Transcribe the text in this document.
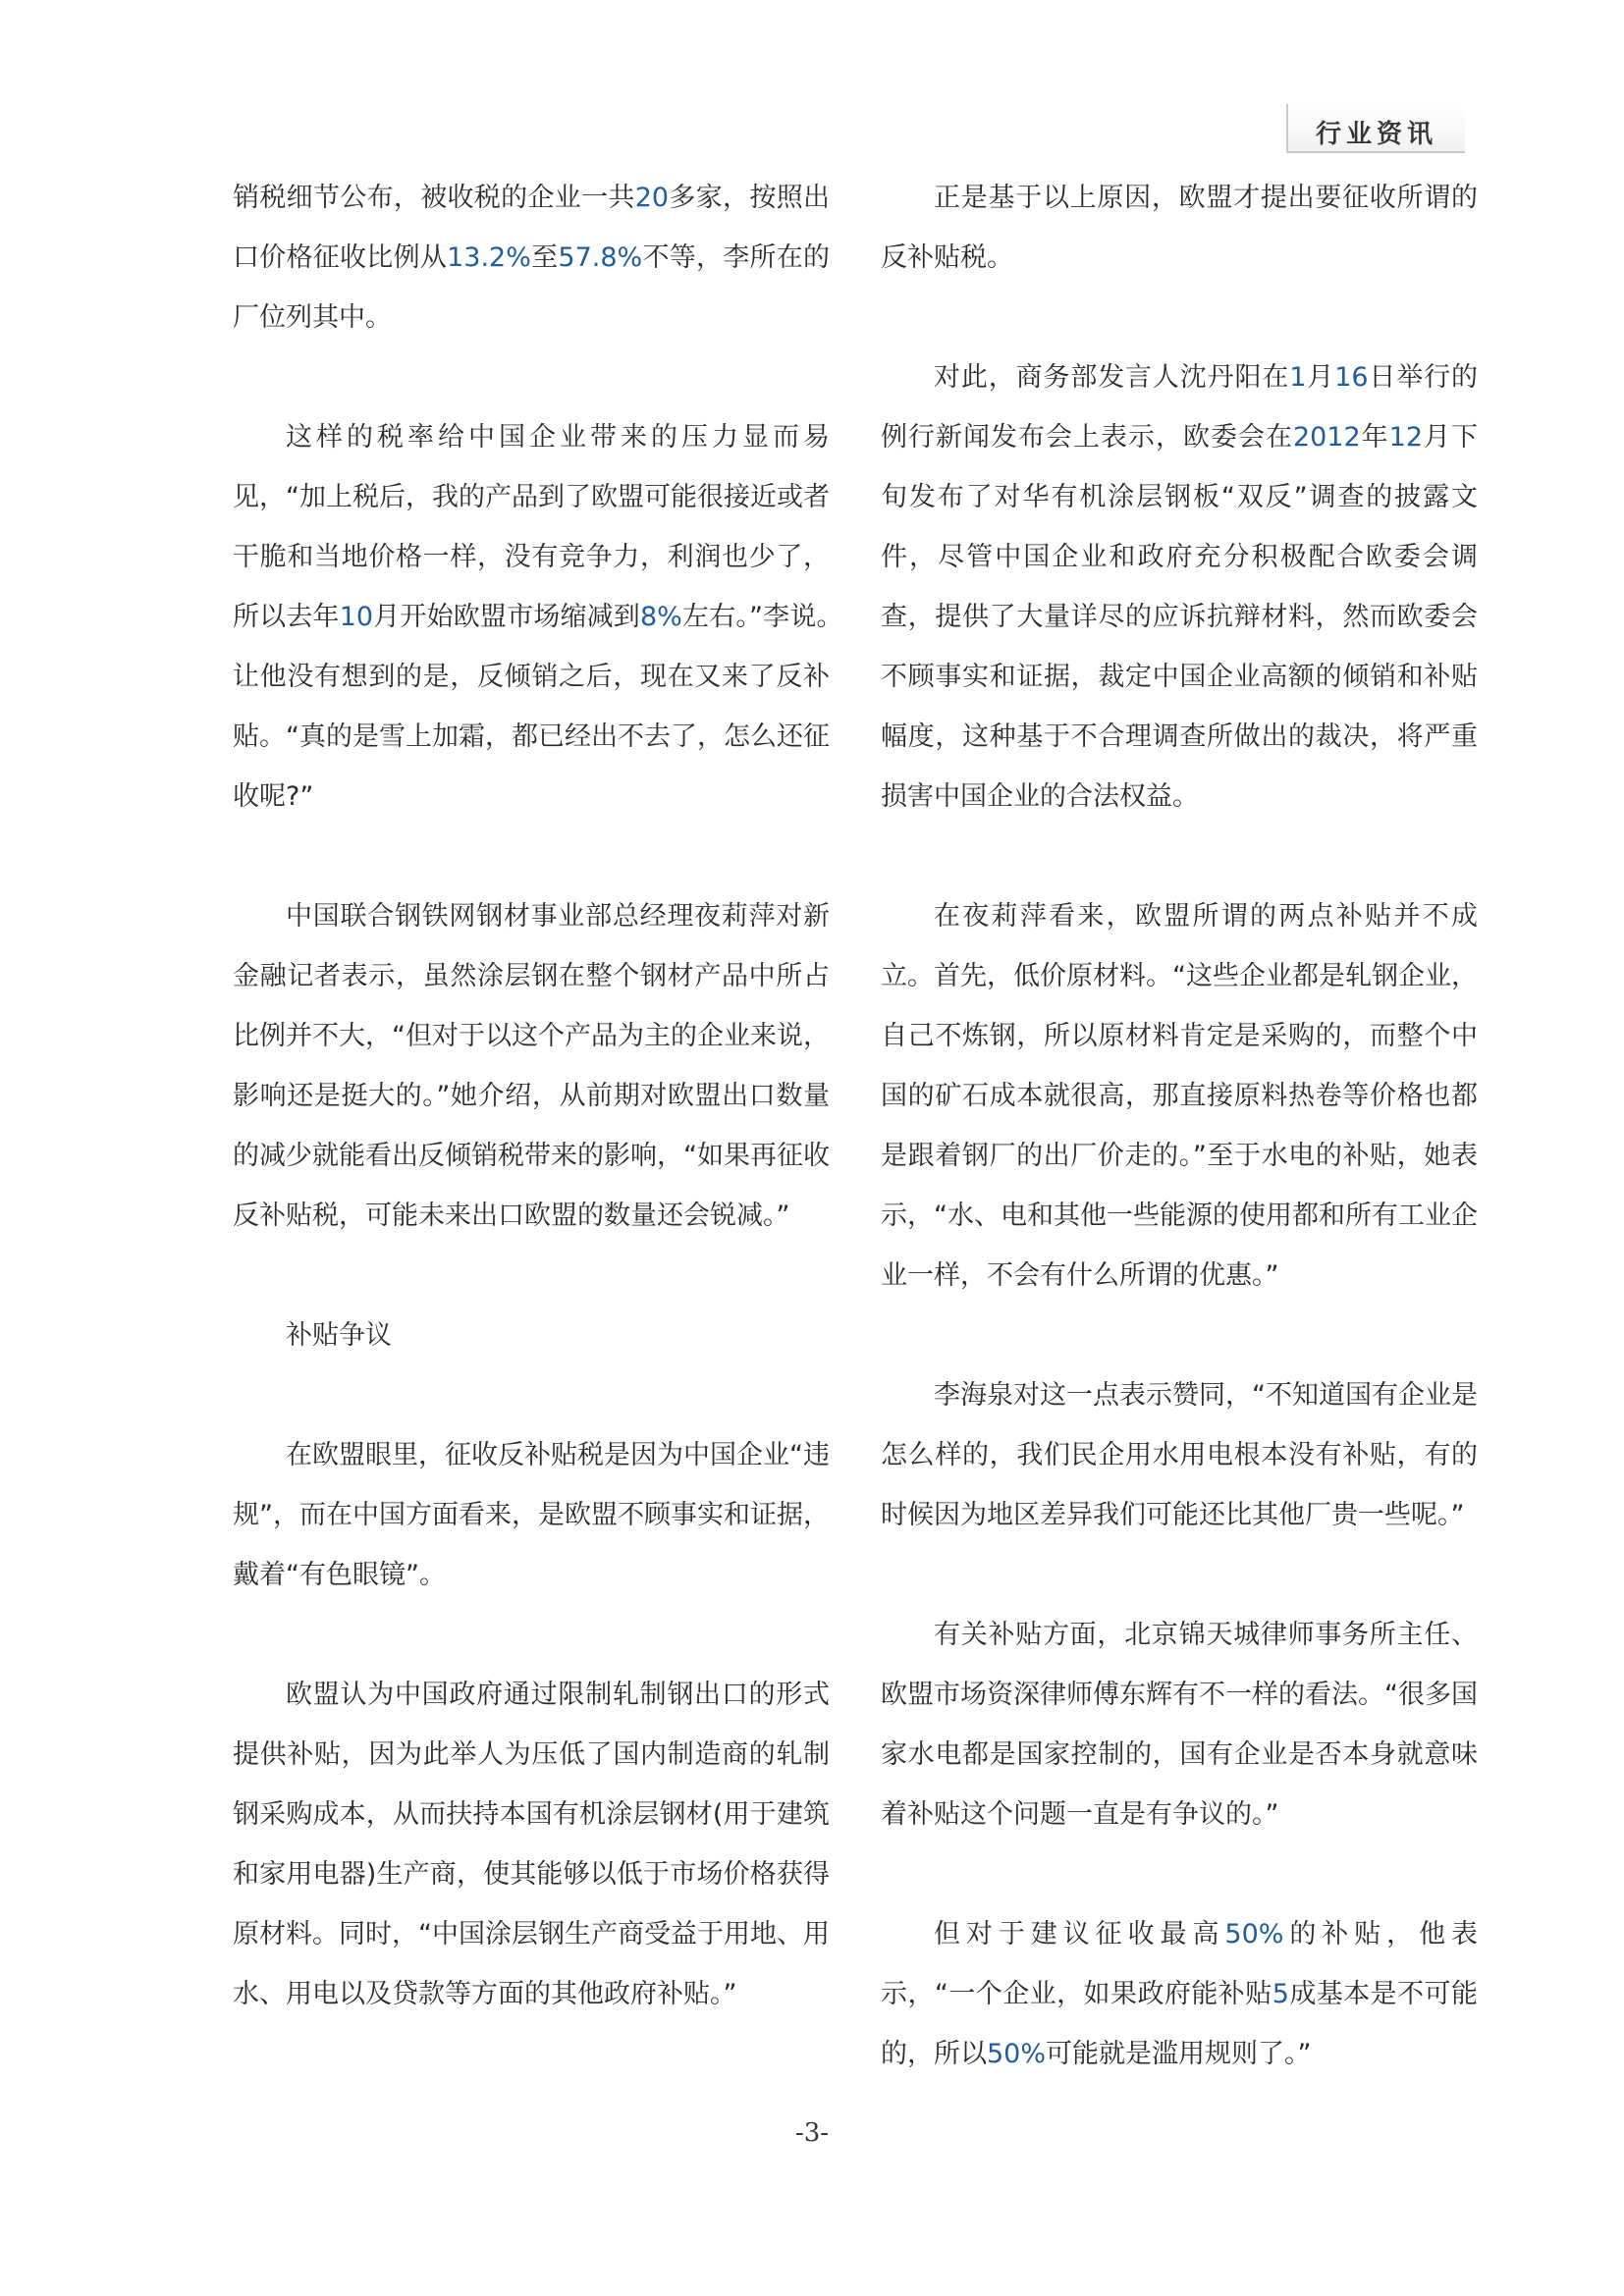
行业资讯

销税细节公布，被收税的企业一共20多家，按照出口价格征收比例从13.2%至57.8%不等，李所在的厂位列其中。

这样的税率给中国企业带来的压力显而易见，“加上税后，我的产品到了欧盟可能很接近或者干脆和当地价格一样，没有竞争力，利润也少了，所以去年10月开始欧盟市场缩减到8%左右。”李说。　　让他没有想到的是，反倾销之后，现在又来了反补贴。“真的是雪上加霜，都已经出不去了，怎么还征收呢?”

中国联合钢铁网钢材事业部总经理夜莉萍对新金融记者表示，虽然涂层钢在整个钢材产品中所占比例并不大，“但对于以这个产品为主的企业来说，影响还是挺大的。”她介绍，从前期对欧盟出口数量的减少就能看出反倾销税带来的影响，“如果再征收反补贴税，可能未来出口欧盟的数量还会锐减。”

补贴争议

在欧盟眼里，征收反补贴税是因为中国企业“违规”，而在中国方面看来，是欧盟不顾事实和证据，戴着“有色眼镜”。

欧盟认为中国政府通过限制轧制钢出口的形式提供补贴，因为此举人为压低了国内制造商的轧制钢采购成本，从而扶持本国有机涂层钢材(用于建筑和家用电器)生产商，使其能够以低于市场价格获得原材料。同时，“中国涂层钢生产商受益于用地、用水、用电以及贷款等方面的其他政府补贴。”

正是基于以上原因，欧盟才提出要征收所谓的反补贴税。

对此，商务部发言人沈丹阳在1月16日举行的例行新闻发布会上表示，欧委会在2012年12月下旬发布了对华有机涂层钢板“双反”调查的披露文件，尽管中国企业和政府充分积极配合欧委会调查，提供了大量详尽的应诉抗辩材料，然而欧委会不顾事实和证据，裁定中国企业高额的倾销和补贴幅度，这种基于不合理调查所做出的裁决，将严重损害中国企业的合法权益。

在夜莉萍看来，欧盟所谓的两点补贴并不成立。首先，低价原材料。“这些企业都是轧钢企业，自己不炼钢，所以原材料肯定是采购的，而整个中国的矿石成本就很高，那直接原料热卷等价格也都是跟着钢厂的出厂价走的。”至于水电的补贴，她表示，“水、电和其他一些能源的使用都和所有工业企业一样，不会有什么所谓的优惠。”

李海泉对这一点表示赞同，“不知道国有企业是怎么样的，我们民企用水用电根本没有补贴，有的时候因为地区差异我们可能还比其他厂贵一些呢。”

有关补贴方面，北京锦天城律师事务所主任、欧盟市场资深律师傅东辉有不一样的看法。“很多国家水电都是国家控制的，国有企业是否本身就意味着补贴这个问题一直是有争议的。”

但对于建议征收最高50%的补贴，他表示，“一个企业，如果政府能补贴5成基本是不可能的，所以50%可能就是滥用规则了。”

-3-
